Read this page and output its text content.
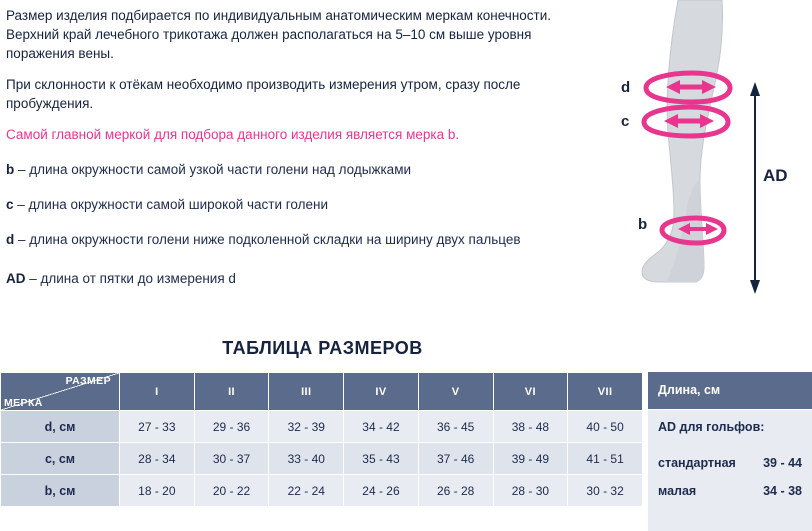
Размер изделия подбирается по индивидуальным анатомическим меркам конечности. Верхний край лечебного трикотажа должен располагаться на 5–10 см выше уровня поражения вены.

При склонности к отёкам необходимо производить измерения утром, сразу после пробуждения.

Самой главной меркой для подбора данного изделия является мерка b.

b – длина окружности самой узкой части голени над лодыжками

c – длина окружности самой широкой части голени

d – длина окружности голени ниже подколенной складки на ширину двух пальцев

AD – длина от пятки до измерения d

d
c
b
AD
ТАБЛИЦА РАЗМЕРОВ
РАЗМЕР
МЕРКА	I	II	III	IV	V	VI	VII
d, см	27 - 33	29 - 36	32 - 39	34 - 42	36 - 45	38 - 48	40 - 50
с, см	28 - 34	30 - 37	33 - 40	35 - 43	37 - 46	39 - 49	41 - 51
b, см	18 - 20	20 - 22	22 - 24	24 - 26	26 - 28	28 - 30	30 - 32
Длина, см
AD для гольфов:
стандартная 39 - 44
малая	34 - 38
